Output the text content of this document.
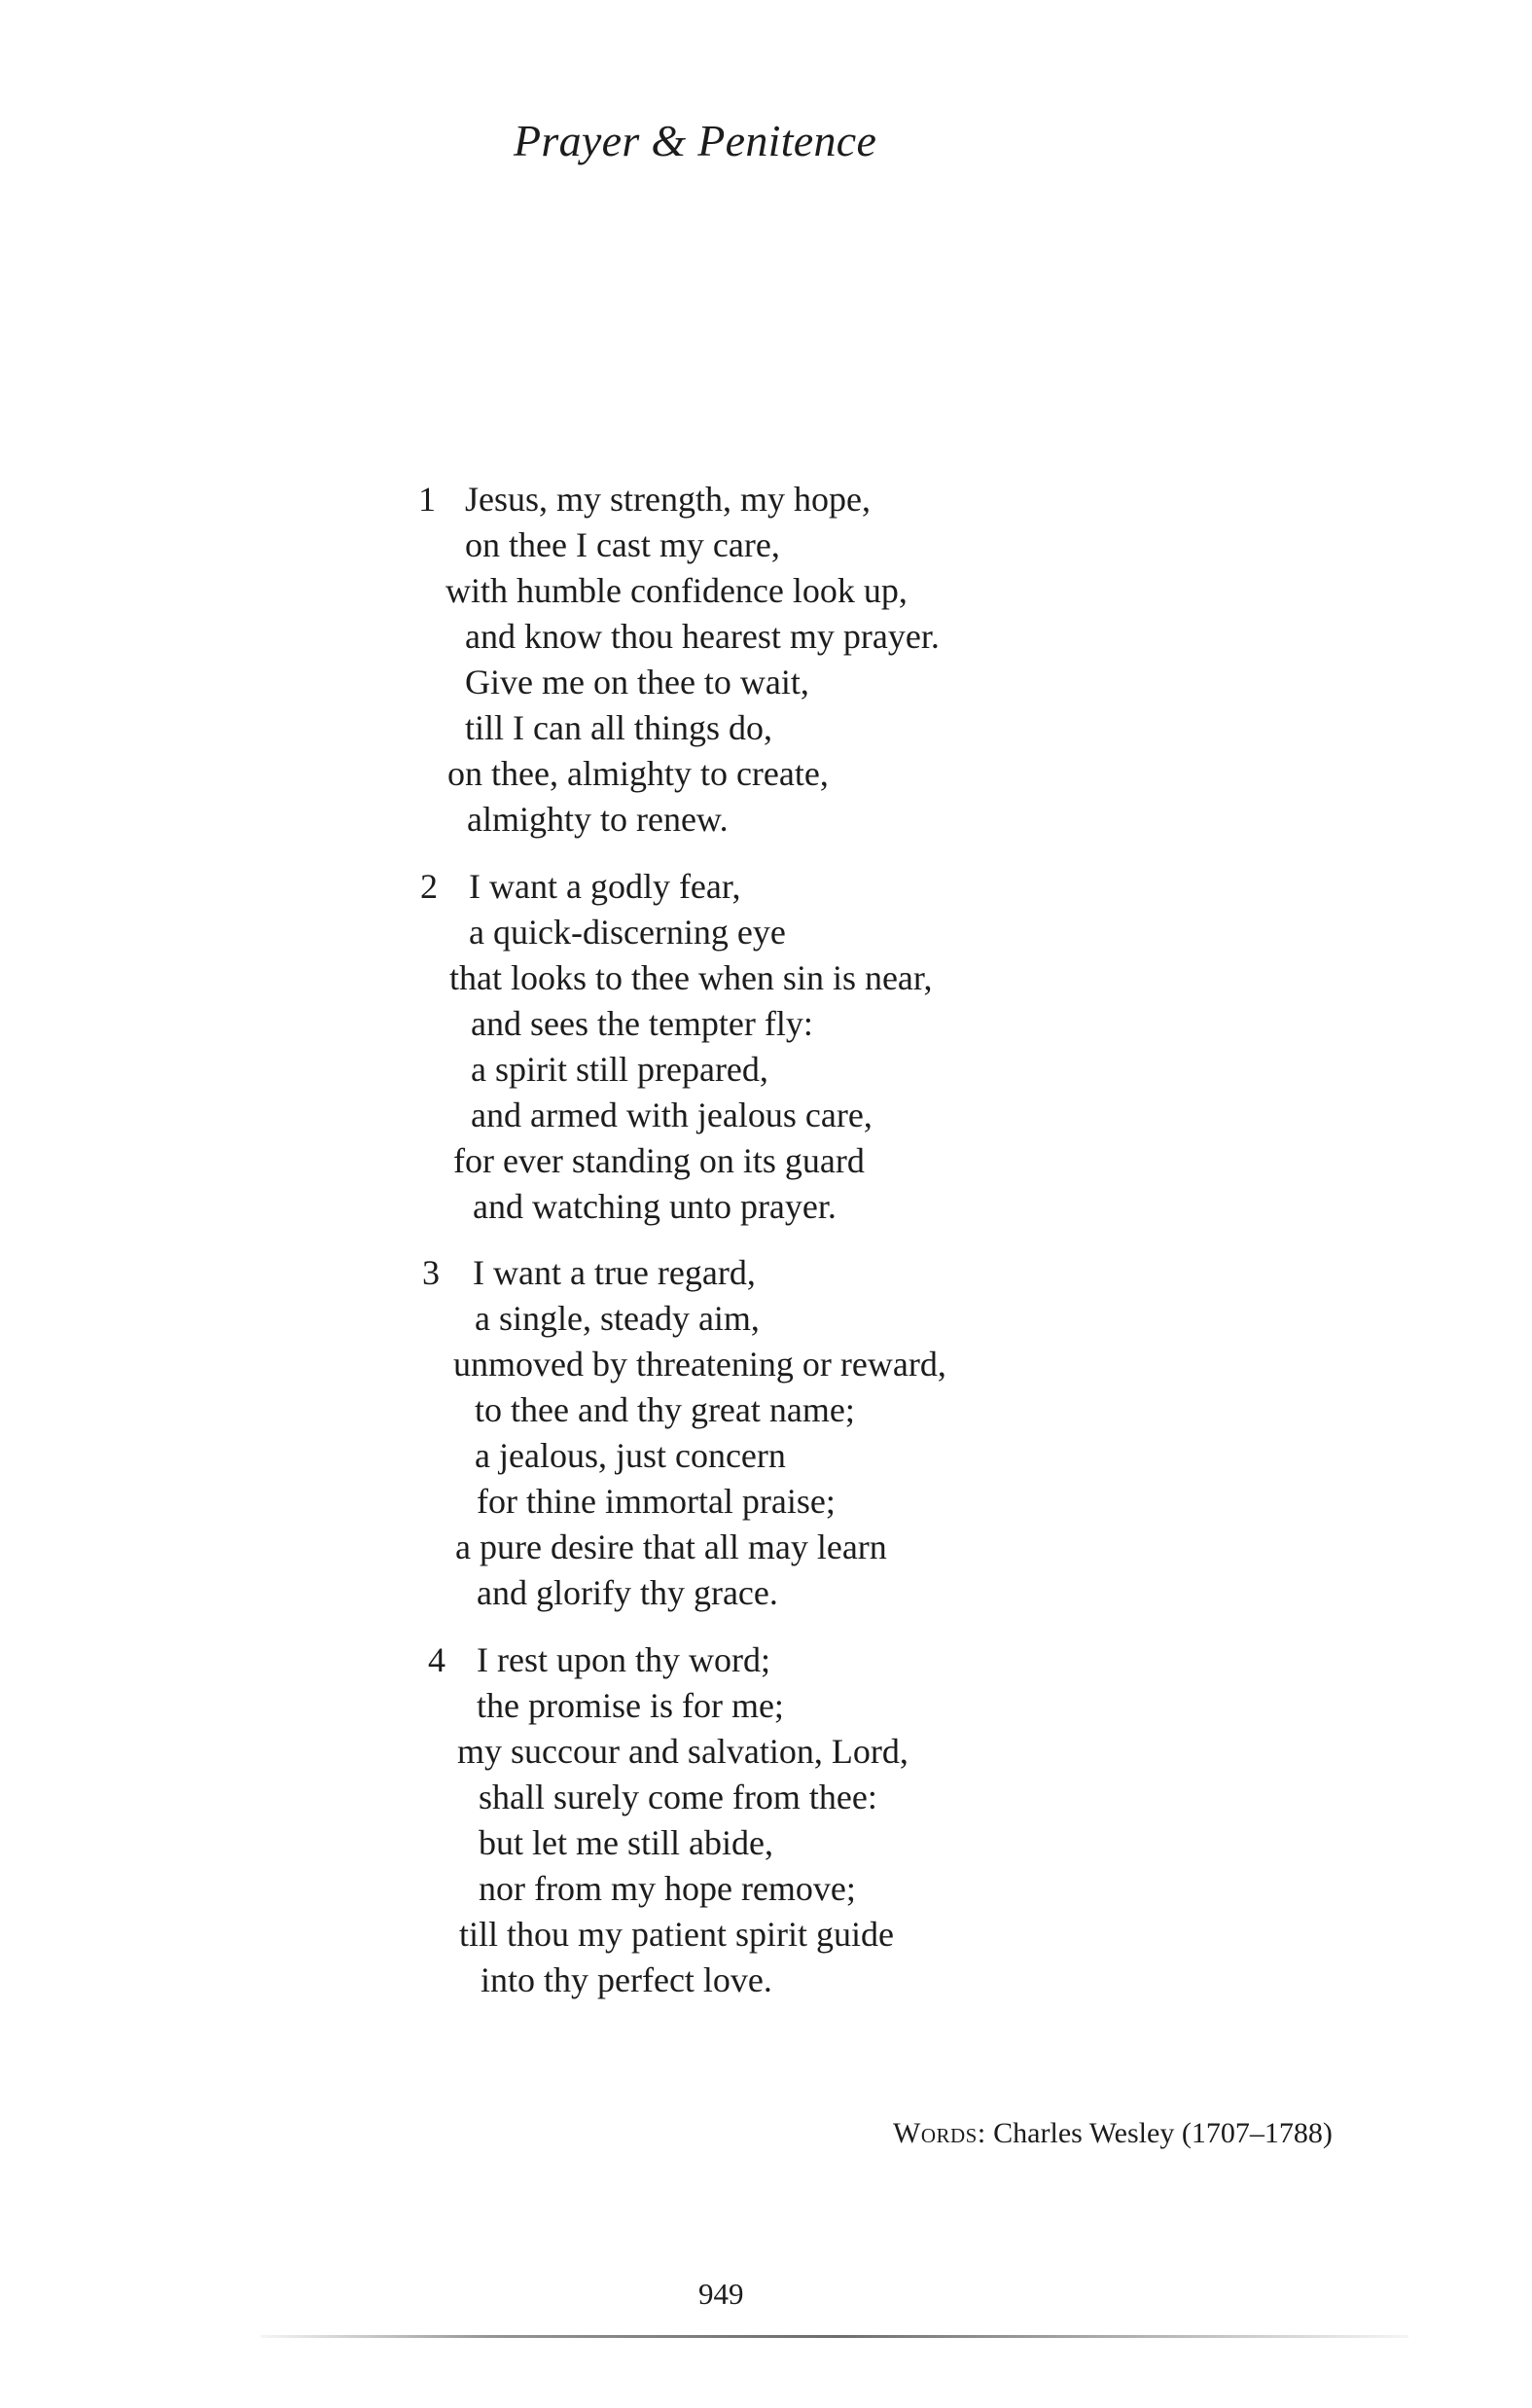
Prayer & Penitence
1 Jesus, my strength, my hope,
on thee I cast my care,
with humble confidence look up,
and know thou hearest my prayer.
Give me on thee to wait,
till I can all things do,
on thee, almighty to create,
almighty to renew.
2 I want a godly fear,
a quick-discerning eye
that looks to thee when sin is near,
and sees the tempter fly:
a spirit still prepared,
and armed with jealous care,
for ever standing on its guard
and watching unto prayer.
3 I want a true regard,
a single, steady aim,
unmoved by threatening or reward,
to thee and thy great name;
a jealous, just concern
for thine immortal praise;
a pure desire that all may learn
and glorify thy grace.
4 I rest upon thy word;
the promise is for me;
my succour and salvation, Lord,
shall surely come from thee:
but let me still abide,
nor from my hope remove;
till thou my patient spirit guide
into thy perfect love.
Words: Charles Wesley (1707–1788)
949
